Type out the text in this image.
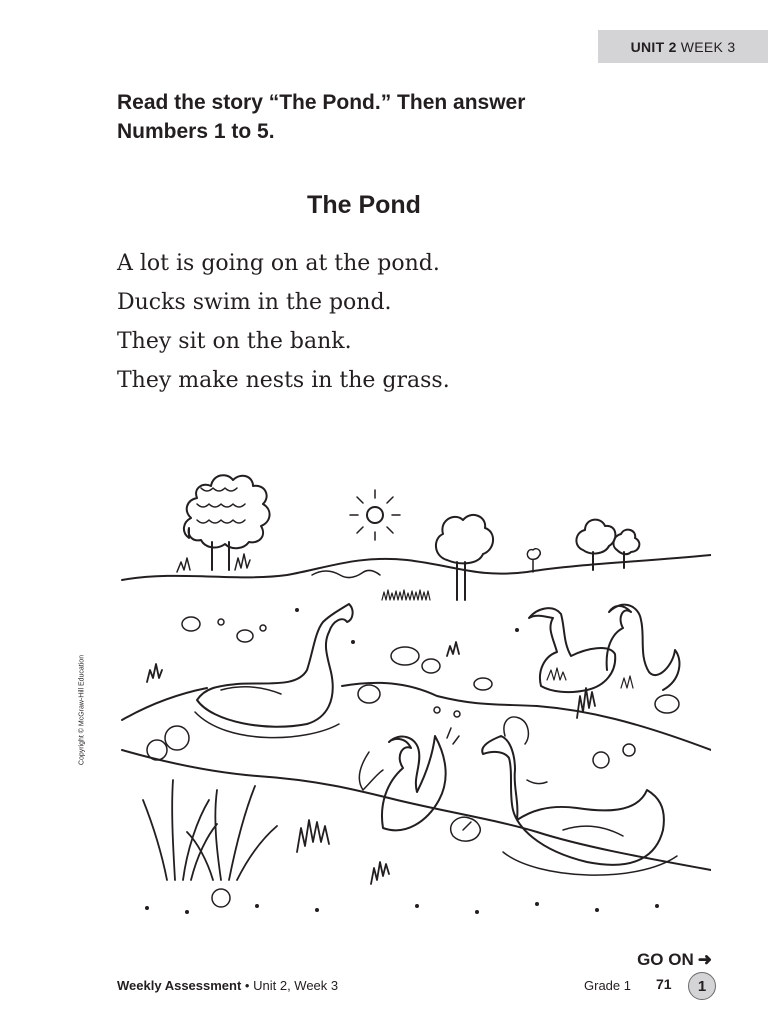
UNIT 2 WEEK 3
Read the story “The Pond.” Then answer
Numbers 1 to 5.
The Pond
A lot is going on at the pond.
Ducks swim in the pond.
They sit on the bank.
They make nests in the grass.
Copyright © McGraw-Hill Education
GO ON ➜
Weekly Assessment • Unit 2, Week 3	Grade 1 71	1
